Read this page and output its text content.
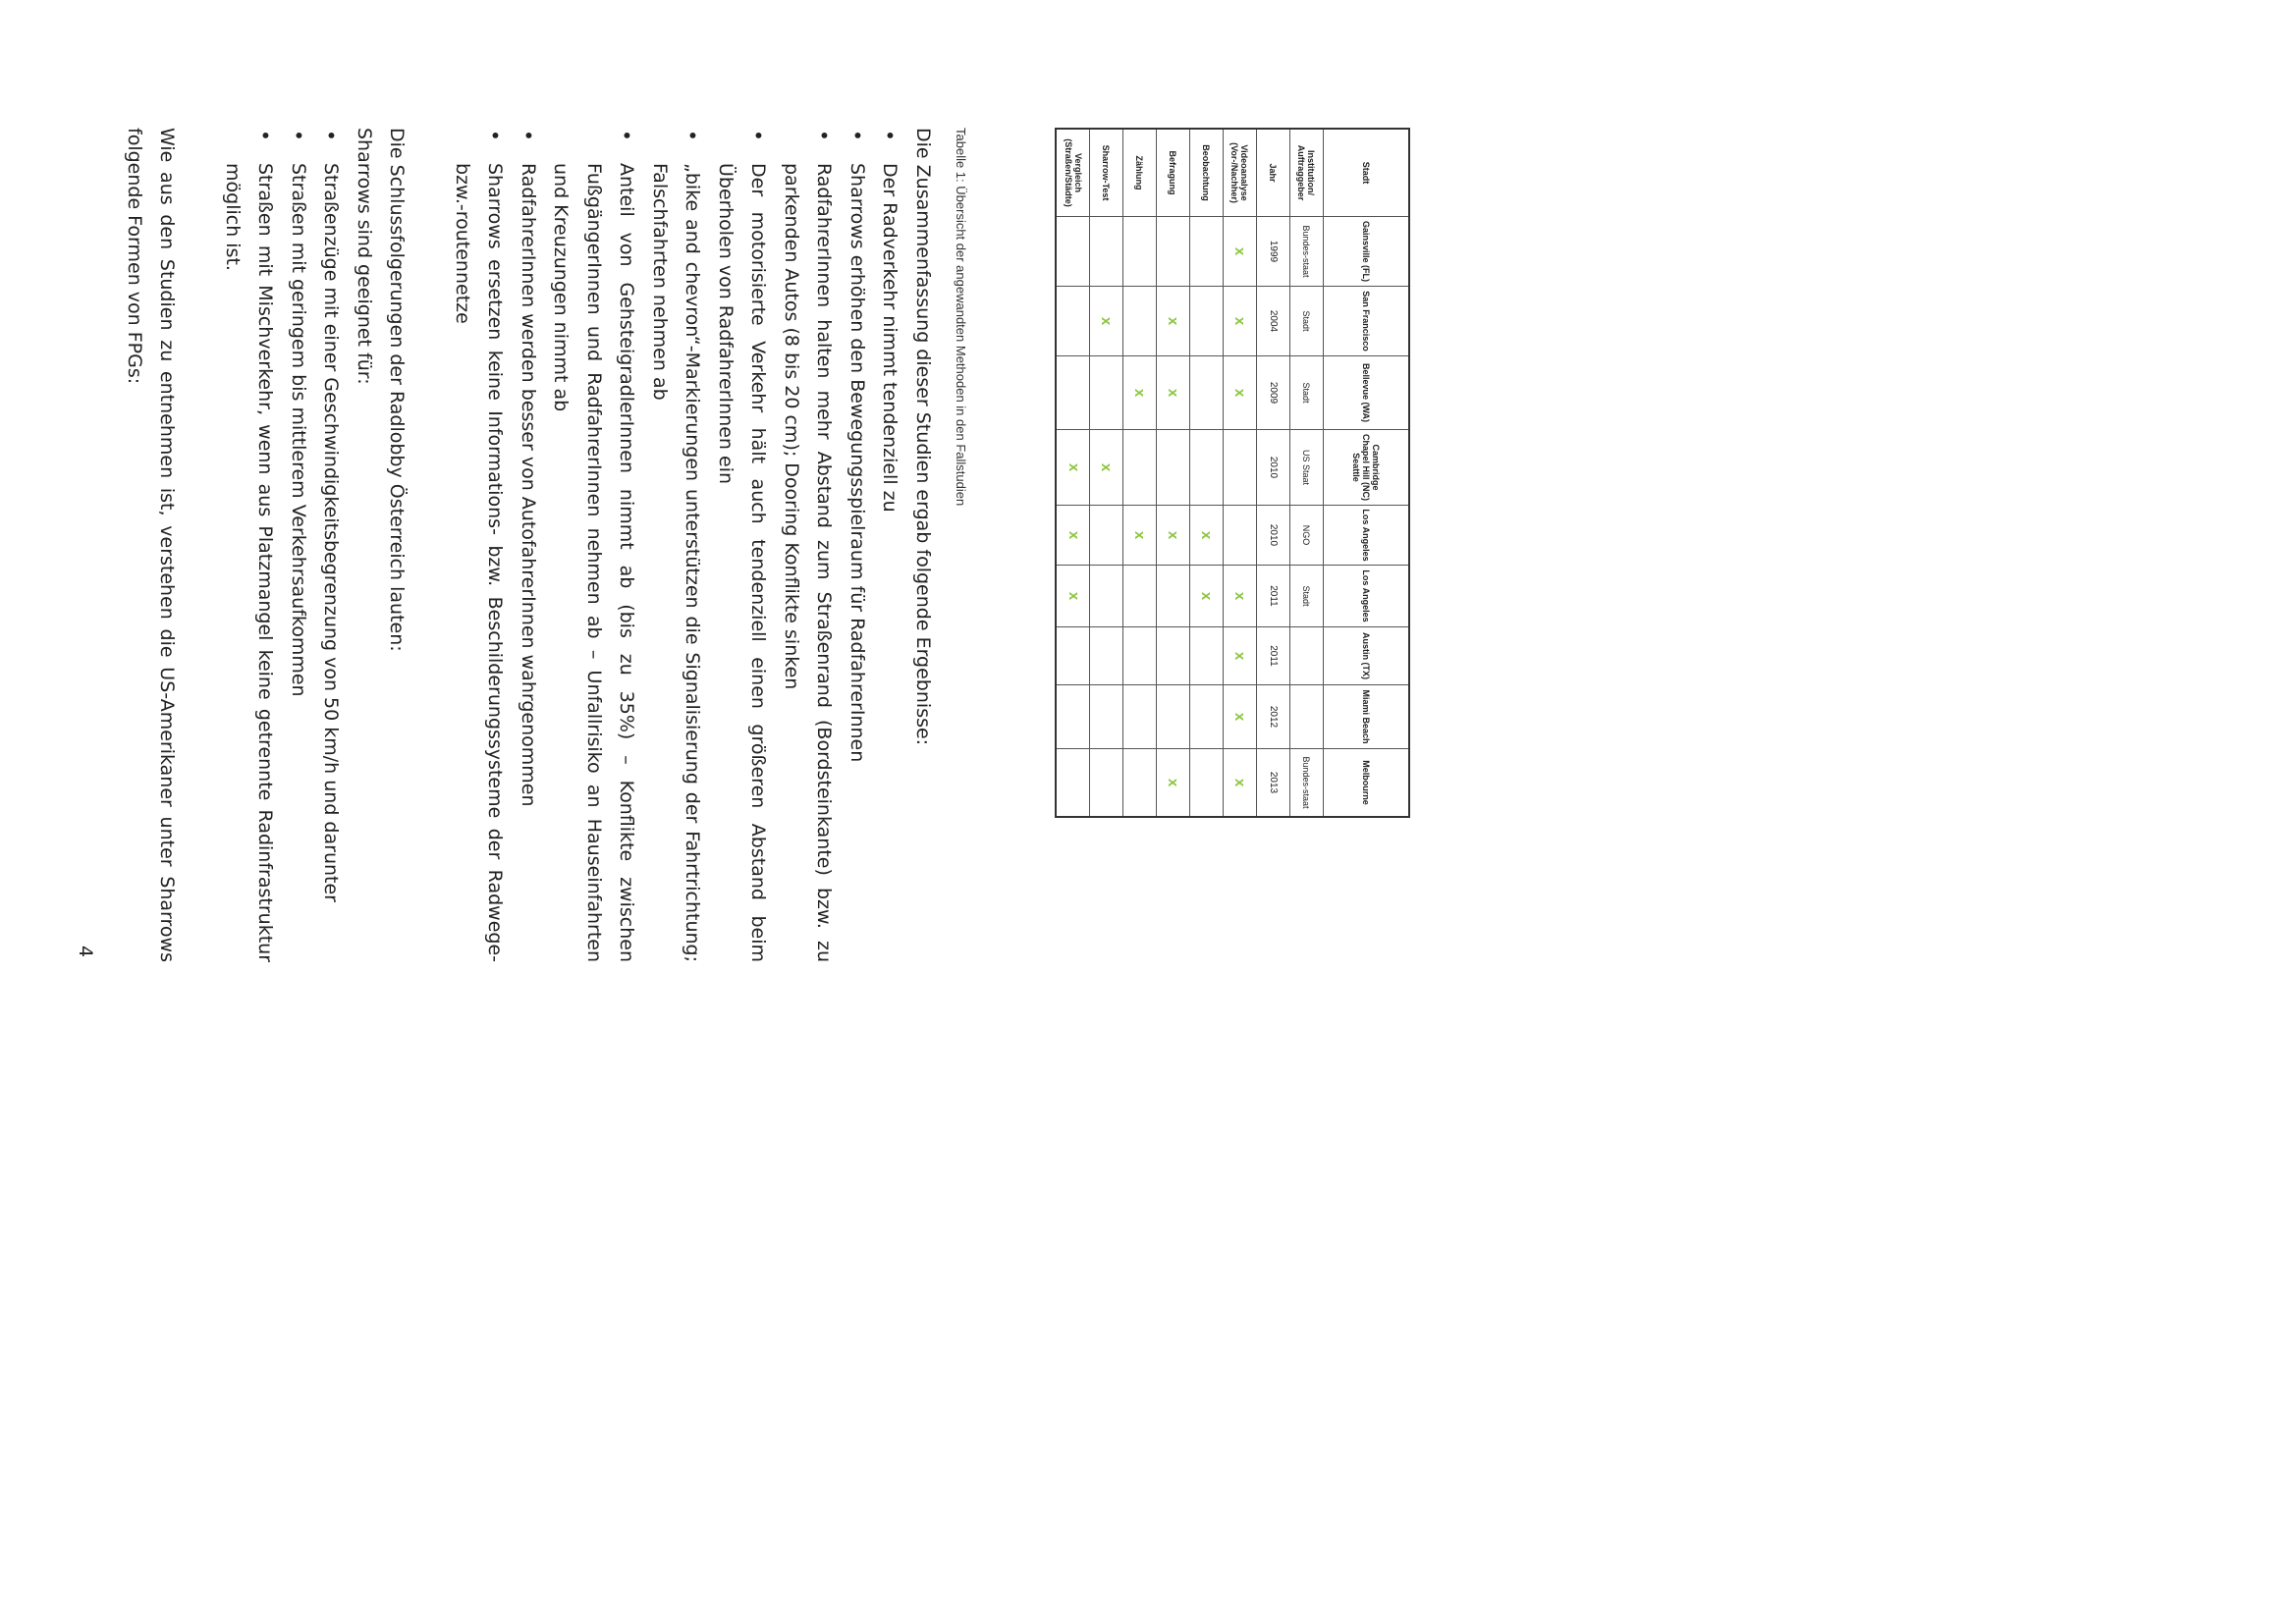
Stadt	Gainsville (FL)	San Francisco	Bellevue (WA)	Cambridge Chapel Hill (NC) Seattle	Los Angeles	Los Angeles	Austin (TX)	Miami Beach	Melbourne
Institution/ Auftraggeber	Bundes-staat	Stadt	Stadt	US Staat	NGO	Stadt			Bundes-staat
Jahr	1999	2004	2009	2010	2010	2011	2011	2012	2013
Videoanalyse (Vor-/Nachher)	x	x	x			x	x	x	x
Beobachtung					x	x			
Befragung		x	x		x				x
Zählung			x		x				
Sharrow-Test		x		x					
Vergleich (Straßen/Städte)				x	x	x			
Tabelle 1: Übersicht der angewandten Methoden in den Fallstudien

Die Zusammenfassung dieser Studien ergab folgende Ergebnisse:

• Der Radverkehr nimmt tendenziell zu
• Sharrows erhöhen den Bewegungsspielraum für RadfahrerInnen
• RadfahrerInnen halten mehr Abstand zum Straßenrand (Bordsteinkante) bzw. zu parkenden Autos (8 bis 20 cm); Dooring Konflikte sinken
• Der motorisierte Verkehr hält auch tendenziell einen größeren Abstand beim Überholen von RadfahrerInnen ein
• „bike and chevron“-Markierungen unterstützen die Signalisierung der Fahrtrichtung; Falschfahrten nehmen ab
• Anteil von GehsteigradlerInnen nimmt ab (bis zu 35%) – Konflikte zwischen FußgängerInnen und RadfahrerInnen nehmen ab – Unfallrisiko an Hauseinfahrten und Kreuzungen nimmt ab
• RadfahrerInnen werden besser von AutofahrerInnen wahrgenommen
• Sharrows ersetzen keine Informations- bzw. Beschilderungssysteme der Radwege- bzw.-routennetze

Die Schlussfolgerungen der Radlobby Österreich lauten:

Sharrows sind geeignet für:

• Straßenzüge mit einer Geschwindigkeitsbegrenzung von 50 km/h und darunter
• Straßen mit geringem bis mittlerem Verkehrsaufkommen
• Straßen mit Mischverkehr, wenn aus Platzmangel keine getrennte Radinfrastruktur möglich ist.

Wie aus den Studien zu entnehmen ist, verstehen die US-Amerikaner unter Sharrows folgende Formen von FPGs:

4
